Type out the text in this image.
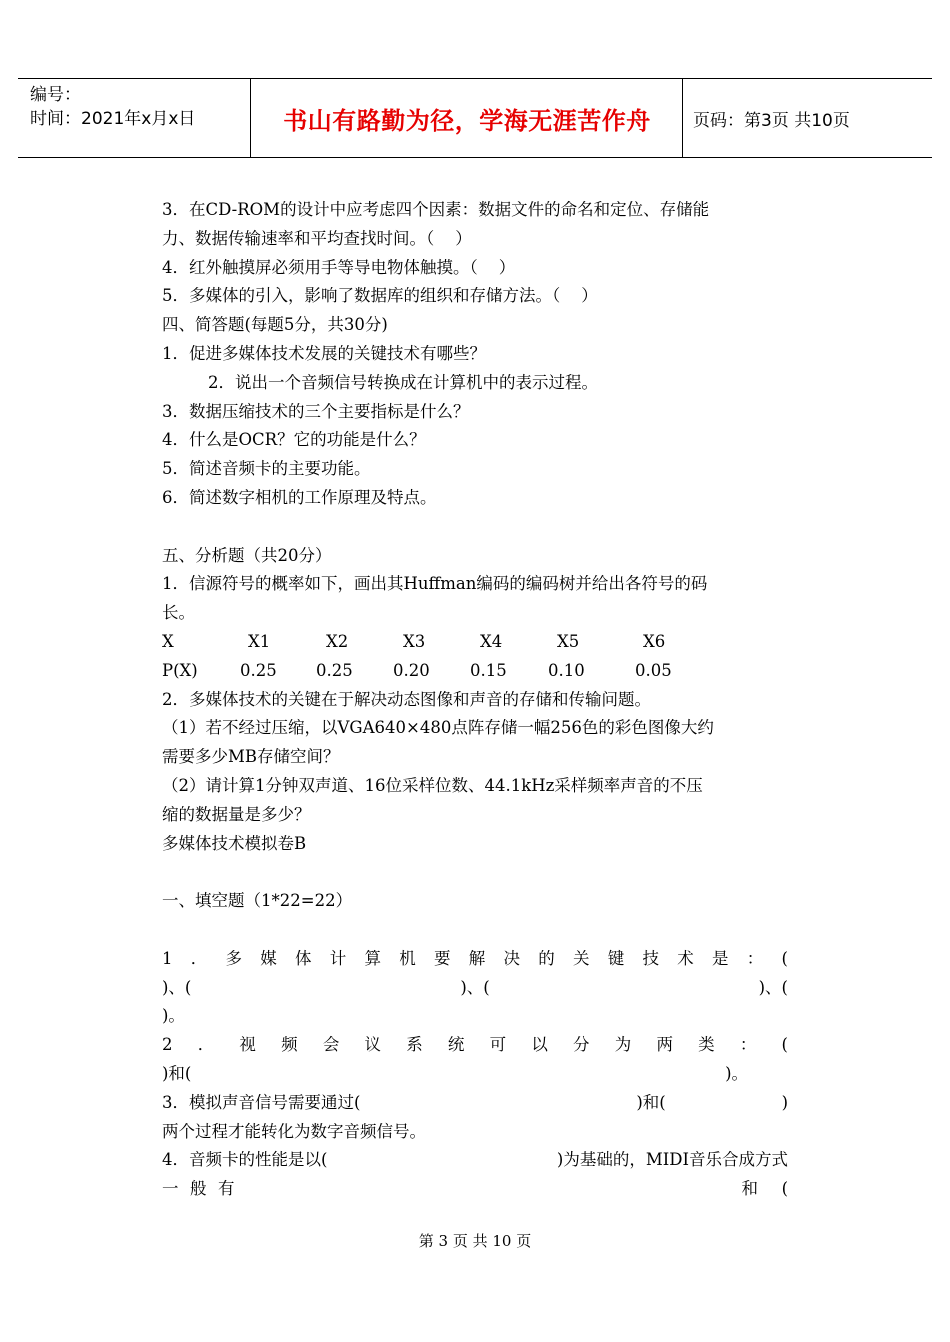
编号：
时间：2021年x月x日	书山有路勤为径，学海无涯苦作舟	页码：第3页 共10页
3．在CD-ROM的设计中应考虑四个因素：数据文件的命名和定位、存储能
力、数据传输速率和平均查找时间。（    ）
4．红外触摸屏必须用手等导电物体触摸。（    ）
5．多媒体的引入，影响了数据库的组织和存储方法。（    ）
四、简答题(每题5分，共30分)
1．促进多媒体技术发展的关键技术有哪些？
2．说出一个音频信号转换成在计算机中的表示过程。
3．数据压缩技术的三个主要指标是什么？
4．什么是OCR？它的功能是什么？
5．简述音频卡的主要功能。
6．简述数字相机的工作原理及特点。
五、分析题（共20分）
1．信源符号的概率如下，画出其Huffman编码的编码树并给出各符号的码
长。
X	X1	X2	X3	X4	X5	X6
P(X)	0.25	0.25	0.20	0.15	0.10	0.05
2．多媒体技术的关键在于解决动态图像和声音的存储和传输问题。
（1）若不经过压缩，以VGA640×480点阵存储一幅256色的彩色图像大约
需要多少MB存储空间？
（2）请计算1分钟双声道、16位采样位数、44.1kHz采样频率声音的不压
缩的数据量是多少？
多媒体技术模拟卷B
一、填空题（1*22=22）
1 ． 多 媒 体 计 算 机 要 解 决 的 关 键 技 术 是 ： (
)、(	)、(	)、(
)。
2 ． 视 频 会 议 系 统 可 以 分 为 两 类 ： (
)和(	)。
3．模拟声音信号需要通过(	)和(	)
两个过程才能转化为数字音频信号。
4．音频卡的性能是以(	)为基础的，MIDI音乐合成方式
一 般 有	和	(
第 3 页 共 10 页
